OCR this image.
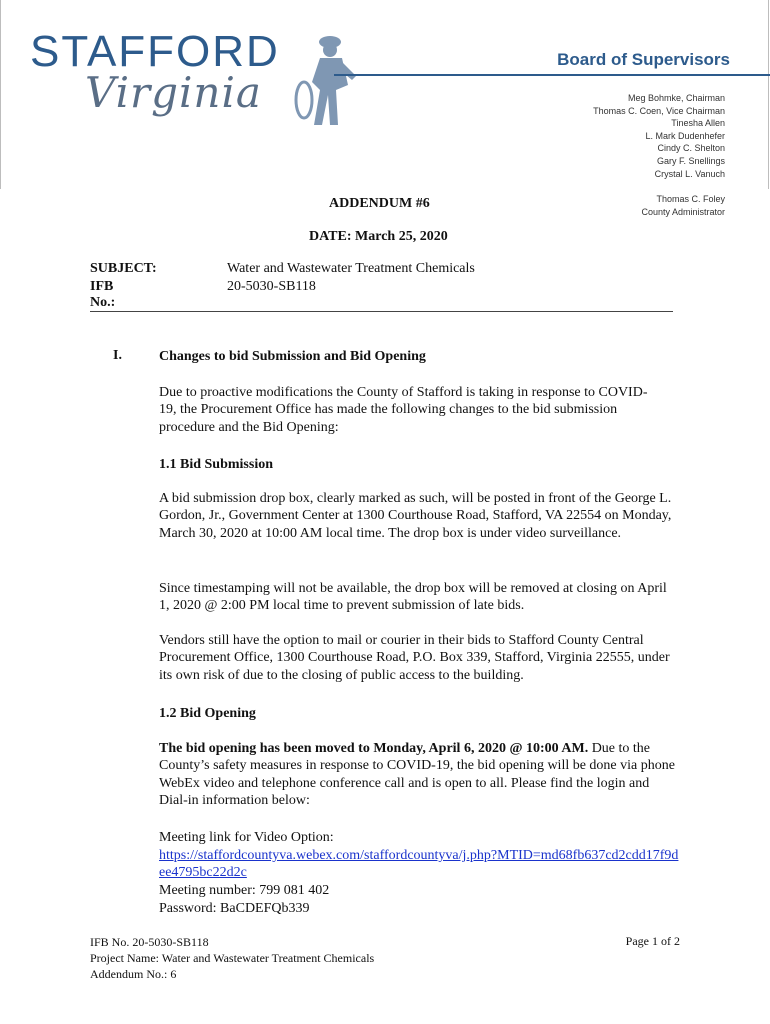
STAFFORD
Virginia
Board of Supervisors
Meg Bohmke, Chairman
Thomas C. Coen, Vice Chairman
Tinesha Allen
L. Mark Dudenhefer
Cindy C. Shelton
Gary F. Snellings
Crystal L. Vanuch
Thomas C. Foley
County Administrator
ADDENDUM #6
DATE: March 25, 2020
SUBJECT:	Water and Wastewater Treatment Chemicals
IFB No.:
20-5030-SB118
I.	Changes to bid Submission and Bid Opening
Due to proactive modifications the County of Stafford is taking in response to COVID-19, the Procurement Office has made the following changes to the bid submission procedure and the Bid Opening:
1.1 Bid Submission
A bid submission drop box, clearly marked as such, will be posted in front of the George L. Gordon, Jr., Government Center at 1300 Courthouse Road, Stafford, VA 22554 on Monday, March 30, 2020 at 10:00 AM local time. The drop box is under video surveillance.
Since timestamping will not be available, the drop box will be removed at closing on April 1, 2020 @ 2:00 PM local time to prevent submission of late bids.
Vendors still have the option to mail or courier in their bids to Stafford County Central Procurement Office, 1300 Courthouse Road, P.O. Box 339, Stafford, Virginia 22555, under its own risk of due to the closing of public access to the building.
1.2 Bid Opening
The bid opening has been moved to Monday, April 6, 2020 @ 10:00 AM. Due to the County’s safety measures in response to COVID-19, the bid opening will be done via phone WebEx video and telephone conference call and is open to all. Please find the login and Dial-in information below:
Meeting link for Video Option:
https://staffordcountyva.webex.com/staffordcountyva/j.php?MTID=md68fb637cd2cdd17f9dee4795bc22d2c
Meeting number: 799 081 402
Password: BaCDEFQb339
IFB No. 20-5030-SB118
Project Name: Water and Wastewater Treatment Chemicals
Addendum No.: 6
Page 1 of 2
